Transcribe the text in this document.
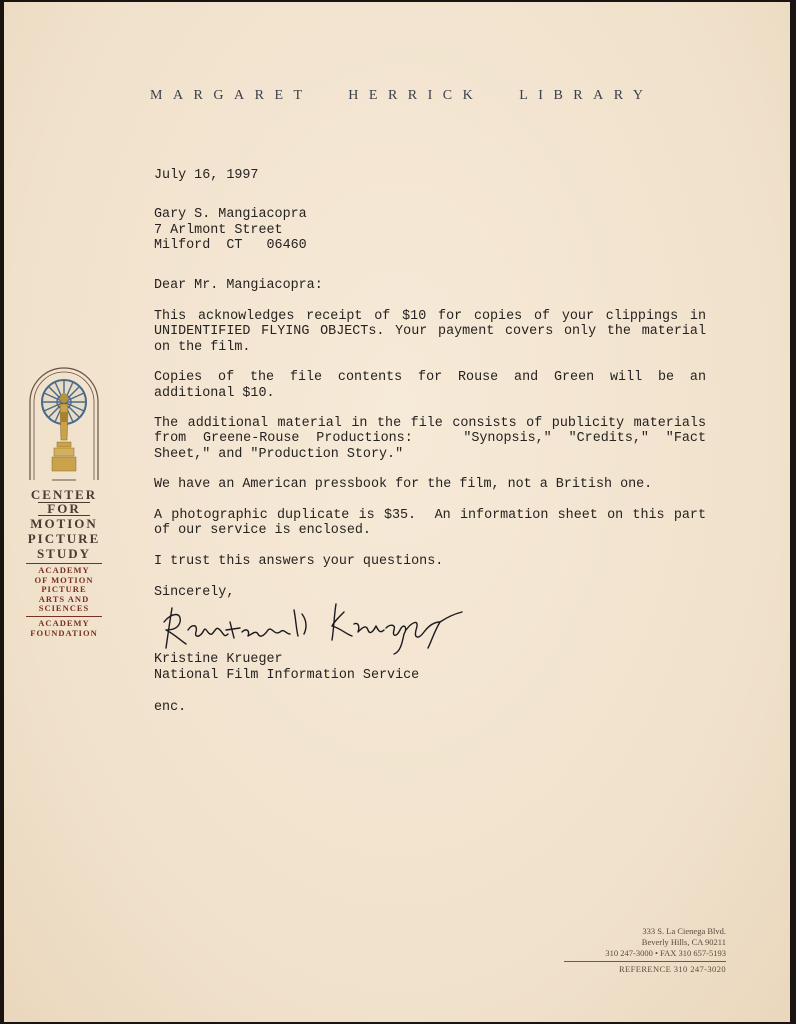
MARGARET HERRICK LIBRARY
CENTER
FOR
MOTION
PICTURE
STUDY
ACADEMY
OF MOTION
PICTURE
ARTS AND
SCIENCES
ACADEMY
FOUNDATION

July 16, 1997

Gary S. Mangiacopra

7 Arlmont Street

Milford  CT   06460

Dear Mr. Mangiacopra:

This acknowledges receipt of $10 for copies of your clippings in UNIDENTIFIED FLYING OBJECTs. Your payment covers only the material on the film.

Copies of the file contents for Rouse and Green will be an additional $10.

The additional material in the file consists of publicity materials from Greene-Rouse Productions:   "Synopsis," "Credits," "Fact Sheet," and "Production Story."

We have an American pressbook for the film, not a British one.

A photographic duplicate is $35.  An information sheet on this part of our service is enclosed.

I trust this answers your questions.

Sincerely,

Kristine Krueger

National Film Information Service

enc.

333 S. La Cienega Blvd.
Beverly Hills, CA 90211
310 247-3000 • FAX 310 657-5193
REFERENCE 310 247-3020
